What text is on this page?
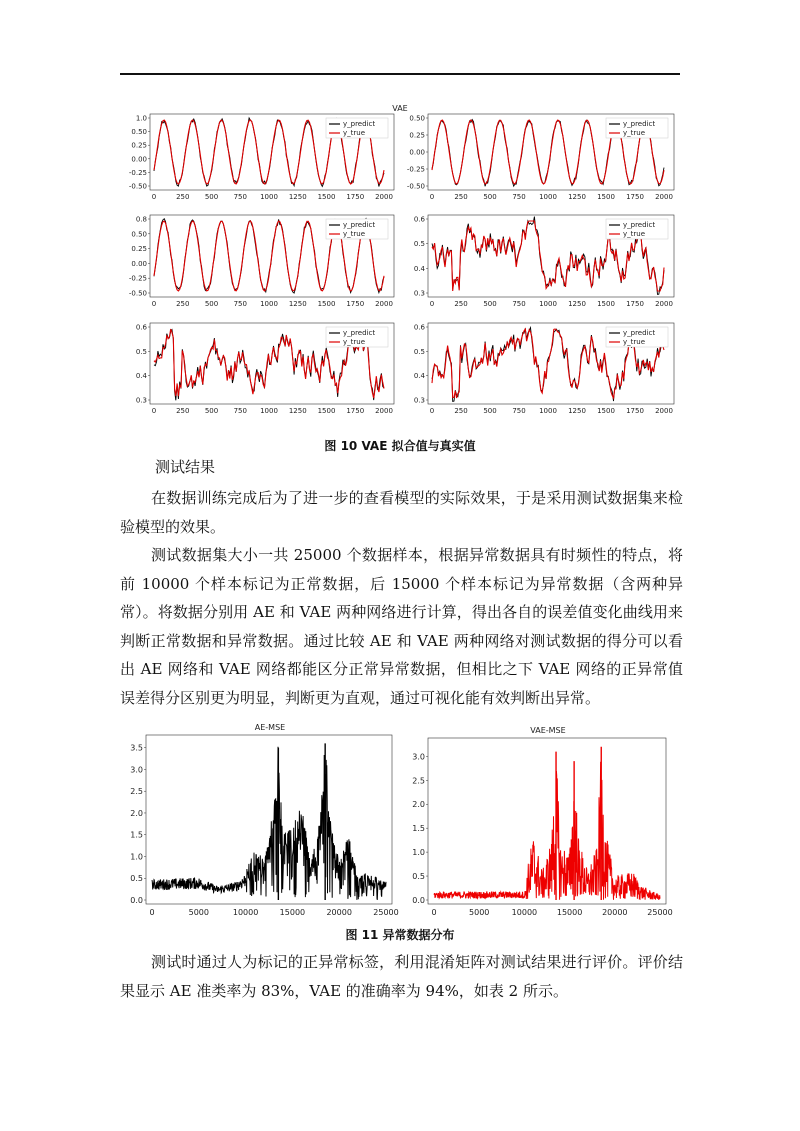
VAE
1.0
0.50
0.25
0.00
-0.25
-0.50
0	250 500 750 1000 1250 1500 1750 2000
y_predict
y_true
0.50
0.25
0.00
-0.25
-0.50
0	250 500 750 1000 1250 1500 1750 2000
y_predict
y_true
0.8
0.50
0.25
0.00
-0.25
-0.50
0	250 500 750 1000 1250 1500 1750 2000
y_predict
y_true
0.6
0.5
0.4
0.3
0	250 500 750 1000 1250 1500 1750 2000
y_predict
y_true
0.6
0.5
0.4
0.3
0	250 500 750 1000 1250 1500 1750 2000
y_predict
y_true
0.6
0.5
0.4
0.3
0	250 500 750 1000 1250 1500 1750 2000
y_predict
y_true
图 10 VAE 拟合值与真实值
测试结果
在数据训练完成后为了进一步的查看模型的实际效果，于是采用测试数据集来检验模型的效果。
测试数据集大小一共 25000 个数据样本，根据异常数据具有时频性的特点，将前 10000 个样本标记为正常数据，后 15000 个样本标记为异常数据（含两种异常）。将数据分别用 AE 和 VAE 两种网络进行计算，得出各自的误差值变化曲线用来判断正常数据和异常数据。通过比较 AE 和 VAE 两种网络对测试数据的得分可以看出 AE 网络和 VAE 网络都能区分正常异常数据，但相比之下 VAE 网络的正异常值误差得分区别更为明显，判断更为直观，通过可视化能有效判断出异常。
AE-MSE
0.0
0.5
1.0
1.5
2.0
2.5
3.0
3.5
0	5000	10000	15000	20000	25000
VAE-MSE
0.0
0.5
1.0
1.5
2.0
2.5
3.0
0	5000	10000 15000 20000 25000
图 11 异常数据分布
测试时通过人为标记的正异常标签，利用混淆矩阵对测试结果进行评价。评价结果显示 AE 准类率为 83%，VAE 的准确率为 94%，如表 2 所示。
